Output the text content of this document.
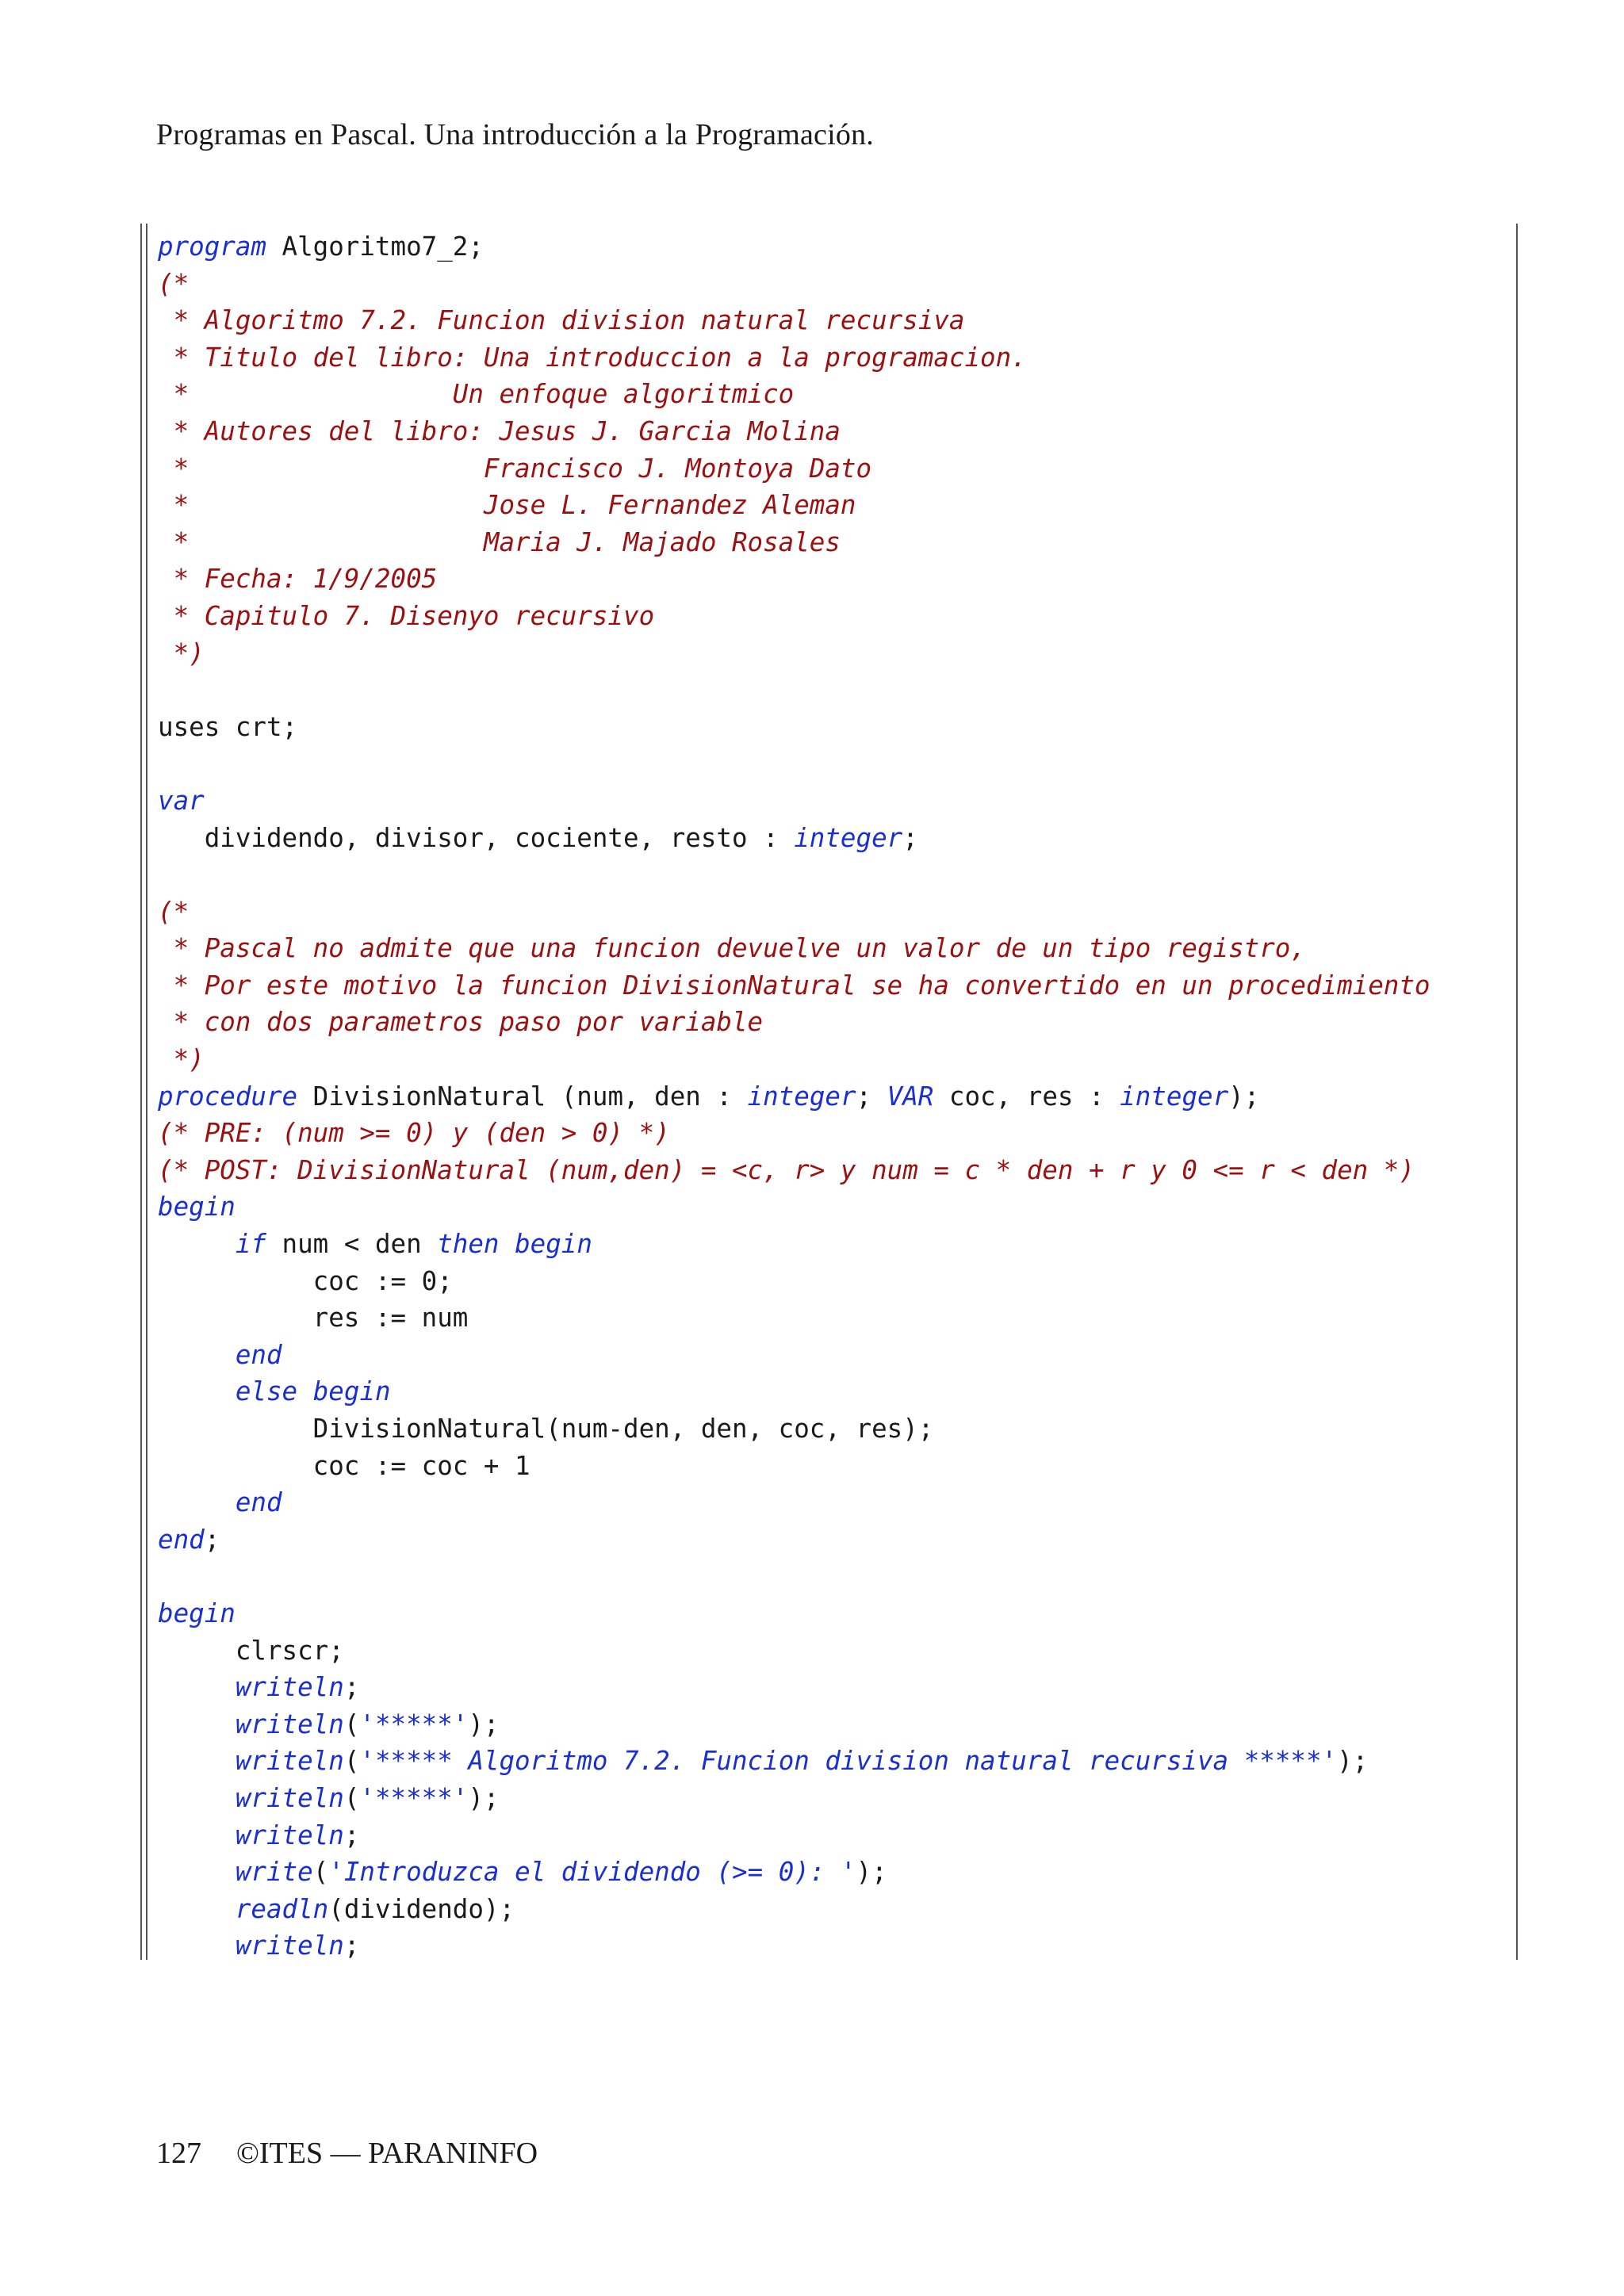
Programas en Pascal. Una introducción a la Programación.
program Algoritmo7_2;
(*
* Algoritmo 7.2. Funcion division natural recursiva
* Titulo del libro: Una introduccion a la programacion.
*                 Un enfoque algoritmico
* Autores del libro: Jesus J. Garcia Molina
*                   Francisco J. Montoya Dato
*                   Jose L. Fernandez Aleman
*                   Maria J. Majado Rosales
* Fecha: 1/9/2005
* Capitulo 7. Disenyo recursivo
*)

uses crt;

var
dividendo, divisor, cociente, resto : integer;

(*
* Pascal no admite que una funcion devuelve un valor de un tipo registro,
* Por este motivo la funcion DivisionNatural se ha convertido en un procedimiento
* con dos parametros paso por variable
*)
procedure DivisionNatural (num, den : integer; VAR coc, res : integer);
(* PRE: (num >= 0) y (den > 0) *)
(* POST: DivisionNatural (num,den) = <c, r> y num = c * den + r y 0 <= r < den *)
begin
if num < den then begin
coc := 0;
res := num
end
else begin
DivisionNatural(num-den, den, coc, res);
coc := coc + 1
end
end;

begin
clrscr;
writeln;
writeln('*****');
writeln('***** Algoritmo 7.2. Funcion division natural recursiva *****');
writeln('*****');
writeln;
write('Introduzca el dividendo (>= 0): ');
readln(dividendo);
writeln;
127 ©ITES — PARANINFO
